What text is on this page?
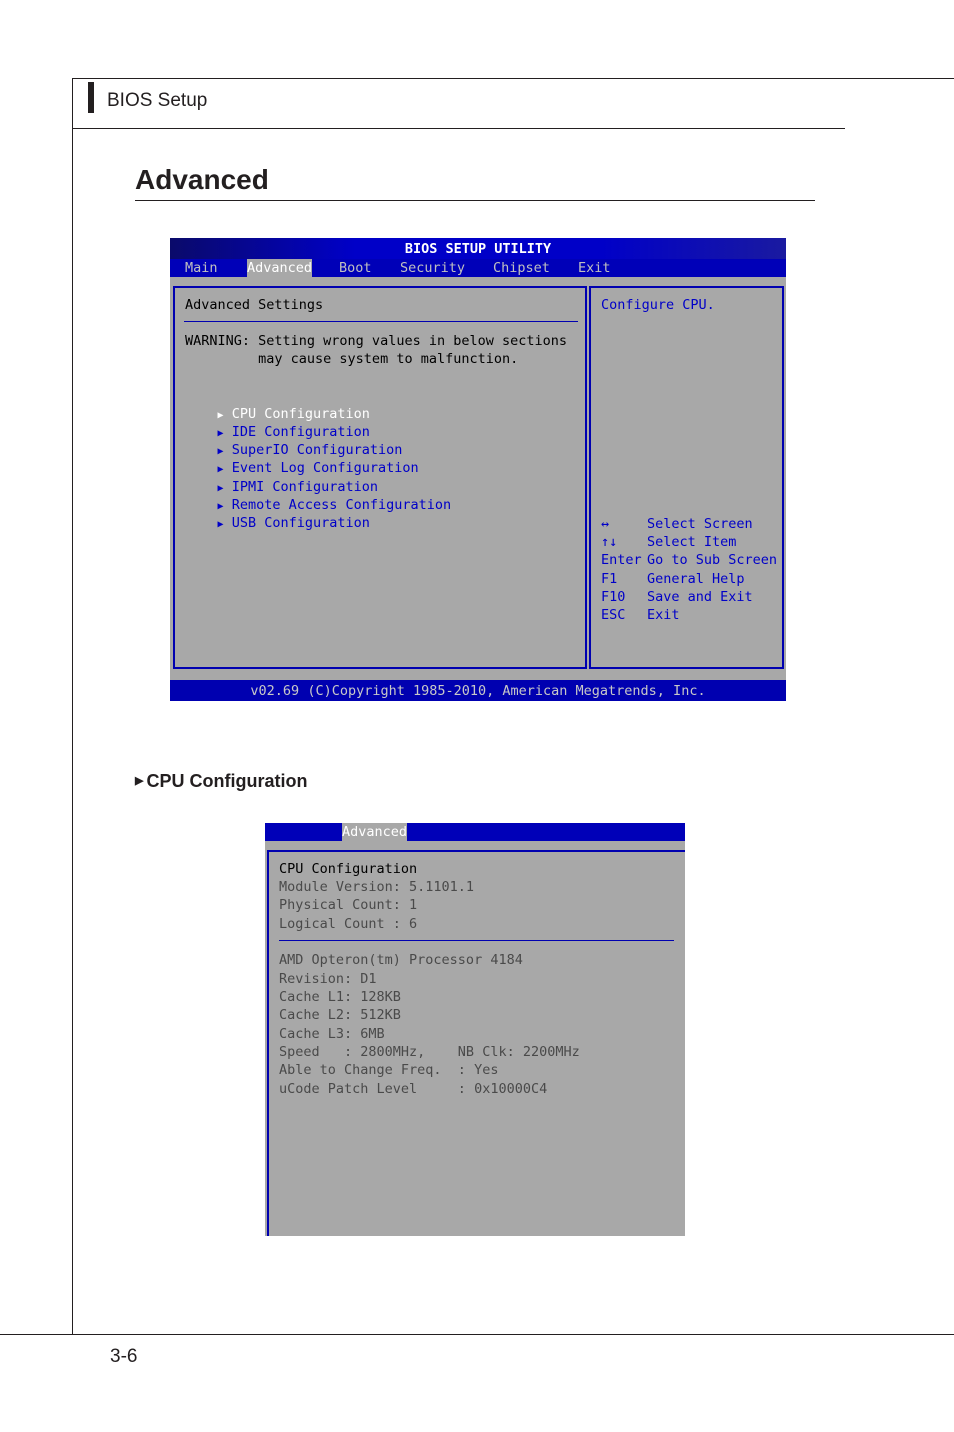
BIOS Setup
Advanced
BIOS SETUP UTILITY

Main

Advanced

Boot

Security

Chipset

Exit

Advanced Settings
WARNING: Setting wrong values in below sections
may cause system to malfunction.

▶ CPU Configuration

▶ IDE Configuration

▶ SuperIO Configuration

▶ Event Log Configuration

▶ IPMI Configuration

▶ Remote Access Configuration

▶ USB Configuration

Configure CPU.
↔	Select Screen
↑↓ Select Item
Enter Go to Sub Screen
F1 General Help
F10 Save and Exit
ESC Exit
v02.69 (C)Copyright 1985-2010, American Megatrends, Inc.
▶ CPU Configuration

Advanced

CPU Configuration
Module Version: 5.1101.1
Physical Count: 1
Logical Count : 6
AMD Opteron(tm) Processor 4184
Revision: D1
Cache L1: 128KB
Cache L2: 512KB
Cache L3: 6MB
Speed   : 2800MHz,    NB Clk: 2200MHz
Able to Change Freq.  : Yes
uCode Patch Level     : 0x10000C4
3-6
